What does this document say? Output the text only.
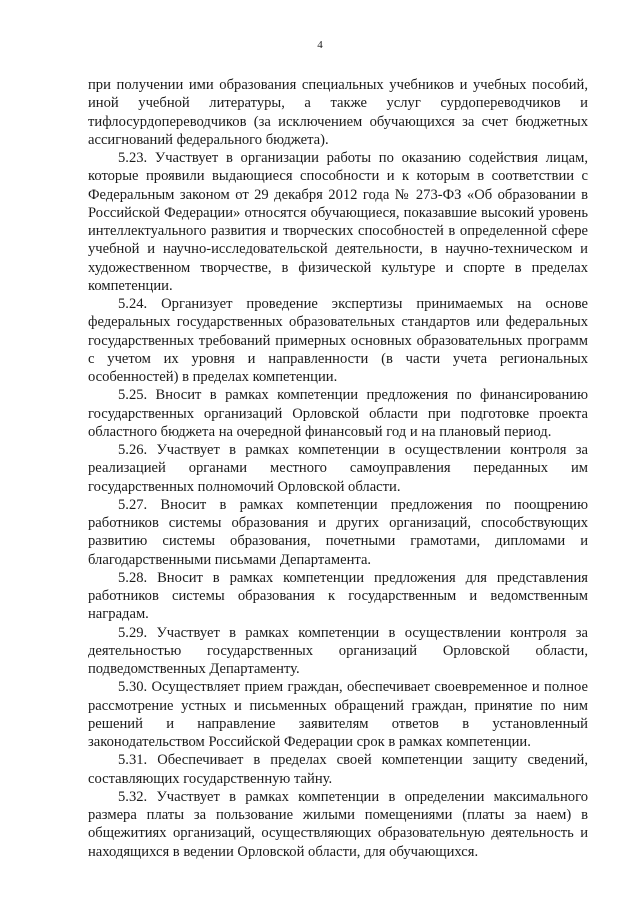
4

при получении ими образования специальных учебников и учебных пособий, иной учебной литературы, а также услуг сурдопереводчиков и тифлосурдопереводчиков (за исключением обучающихся за счет бюджетных ассигнований федерального бюджета).

5.23. Участвует в организации работы по оказанию содействия лицам, которые проявили выдающиеся способности и к которым в соответствии с Федеральным законом от 29 декабря 2012 года № 273-ФЗ «Об образовании в Российской Федерации» относятся обучающиеся, показавшие высокий уровень интеллектуального развития и творческих способностей в определенной сфере учебной и научно-исследовательской деятельности, в научно-техническом и художественном творчестве, в физической культуре и спорте в пределах компетенции.

5.24. Организует проведение экспертизы принимаемых на основе федеральных государственных образовательных стандартов или федеральных государственных требований примерных основных образовательных программ с учетом их уровня и направленности (в части учета региональных особенностей) в пределах компетенции.

5.25. Вносит в рамках компетенции предложения по финансированию государственных организаций Орловской области при подготовке проекта областного бюджета на очередной финансовый год и на плановый период.

5.26. Участвует в рамках компетенции в осуществлении контроля за реализацией органами местного самоуправления переданных им государственных полномочий Орловской области.

5.27. Вносит в рамках компетенции предложения по поощрению работников системы образования и других организаций, способствующих развитию системы образования, почетными грамотами, дипломами и благодарственными письмами Департамента.

5.28. Вносит в рамках компетенции предложения для представления работников системы образования к государственным и ведомственным наградам.

5.29. Участвует в рамках компетенции в осуществлении контроля за деятельностью государственных организаций Орловской области, подведомственных Департаменту.

5.30. Осуществляет прием граждан, обеспечивает своевременное и полное рассмотрение устных и письменных обращений граждан, принятие по ним решений и направление заявителям ответов в установленный законодательством Российской Федерации срок в рамках компетенции.

5.31. Обеспечивает в пределах своей компетенции защиту сведений, составляющих государственную тайну.

5.32. Участвует в рамках компетенции в определении максимального размера платы за пользование жилыми помещениями (платы за наем) в общежитиях организаций, осуществляющих образовательную деятельность и находящихся в ведении Орловской области, для обучающихся.
